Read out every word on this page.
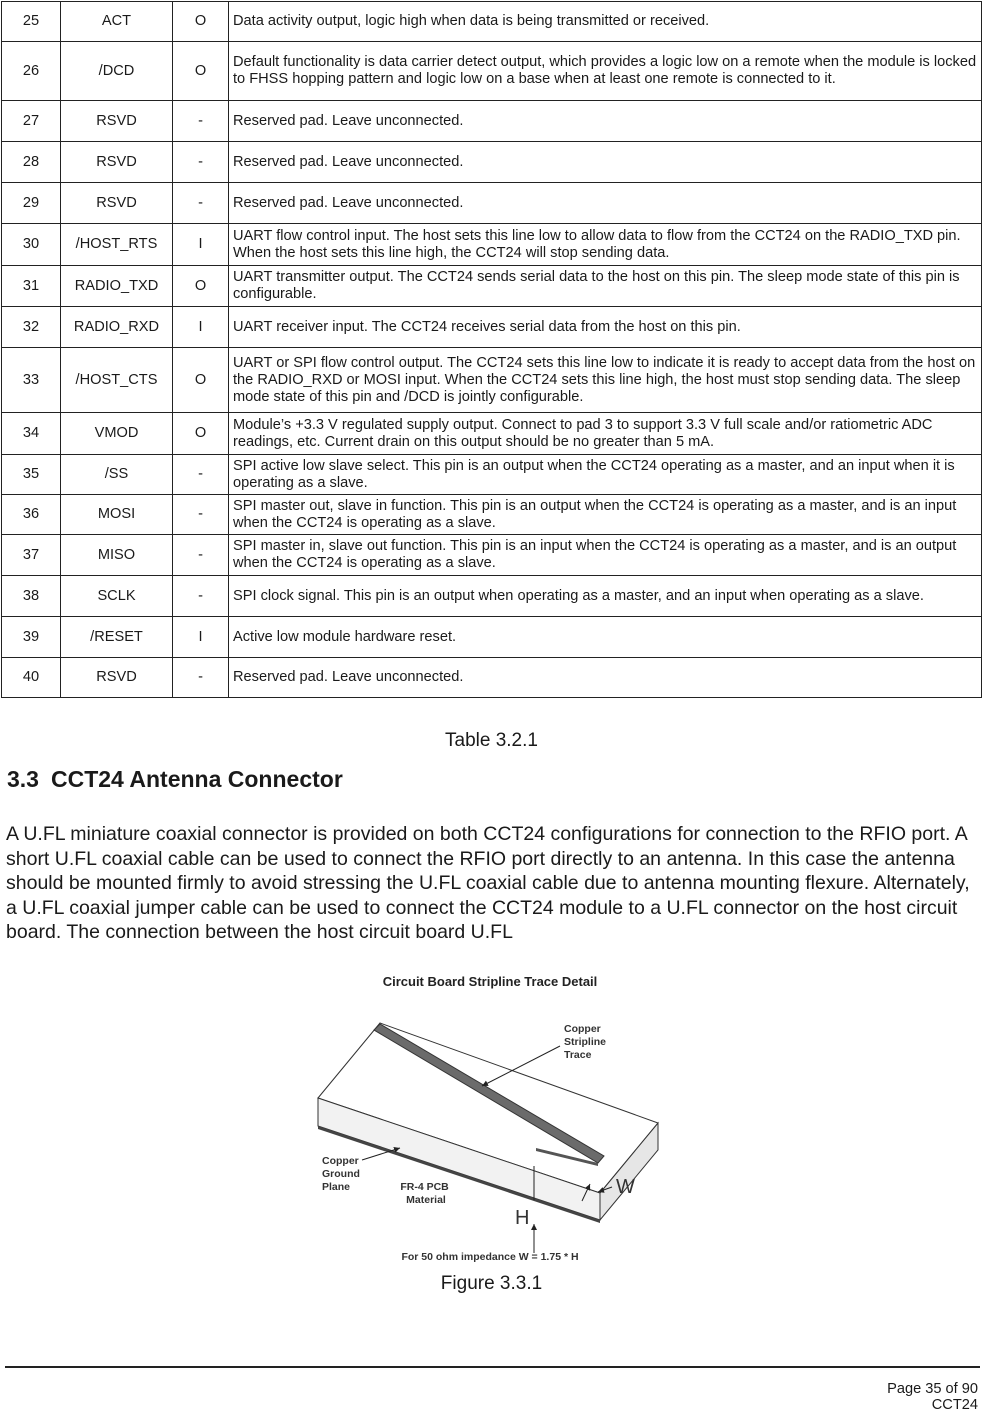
25	ACT	O	Data activity output, logic high when data is being transmitted or received.
26	/DCD	O	Default functionality is data carrier detect output, which provides a logic low on a remote when the module is locked to FHSS hopping pattern and logic low on a base when at least one remote is connected to it.
27	RSVD	-	Reserved pad. Leave unconnected.
28	RSVD	-	Reserved pad. Leave unconnected.
29	RSVD	-	Reserved pad. Leave unconnected.
30	/HOST_RTS	I	UART flow control input. The host sets this line low to allow data to flow from the CCT24 on the RADIO_TXD pin. When the host sets this line high, the CCT24 will stop sending data.
31	RADIO_TXD	O	UART transmitter output. The CCT24 sends serial data to the host on this pin. The sleep mode state of this pin is configurable.
32	RADIO_RXD	I	UART receiver input. The CCT24 receives serial data from the host on this pin.
33	/HOST_CTS	O	UART or SPI flow control output. The CCT24 sets this line low to indicate it is ready to accept data from the host on the RADIO_RXD or MOSI input. When the CCT24 sets this line high, the host must stop sending data. The sleep mode state of this pin and /DCD is jointly configurable.
34	VMOD	O	Module’s +3.3 V regulated supply output. Connect to pad 3 to support 3.3 V full scale and/or ratiometric ADC readings, etc. Current drain on this output should be no greater than 5 mA.
35	/SS	-	SPI active low slave select. This pin is an output when the CCT24 operating as a master, and an input when it is operating as a slave.
36	MOSI	-	SPI master out, slave in function. This pin is an output when the CCT24 is operating as a master, and is an input when the CCT24 is operating as a slave.
37	MISO	-	SPI master in, slave out function. This pin is an input when the CCT24 is operating as a master, and is an output when the CCT24 is operating as a slave.
38	SCLK	-	SPI clock signal. This pin is an output when operating as a master, and an input when operating as a slave.
39	/RESET	I	Active low module hardware reset.
40	RSVD	-	Reserved pad. Leave unconnected.
Table 3.2.1
3.3 CCT24 Antenna Connector
A U.FL miniature coaxial connector is provided on both CCT24 configurations for connection to the RFIO port. A short U.FL coaxial cable can be used to connect the RFIO port directly to an antenna. In this case the antenna should be mounted firmly to avoid stressing the U.FL coaxial cable due to antenna mounting flexure. Alternately, a U.FL coaxial jumper cable can be used to connect the CCT24 module to a U.FL connector on the host circuit board. The connection between the host circuit board U.FL
Circuit Board Stripline Trace Detail
Copper Stripline Trace
Copper Ground Plane	FR-4 PCB Material
H
W
For 50 ohm impedance W = 1.75 * H
Figure 3.3.1
Page 35 of 90
CCT24
